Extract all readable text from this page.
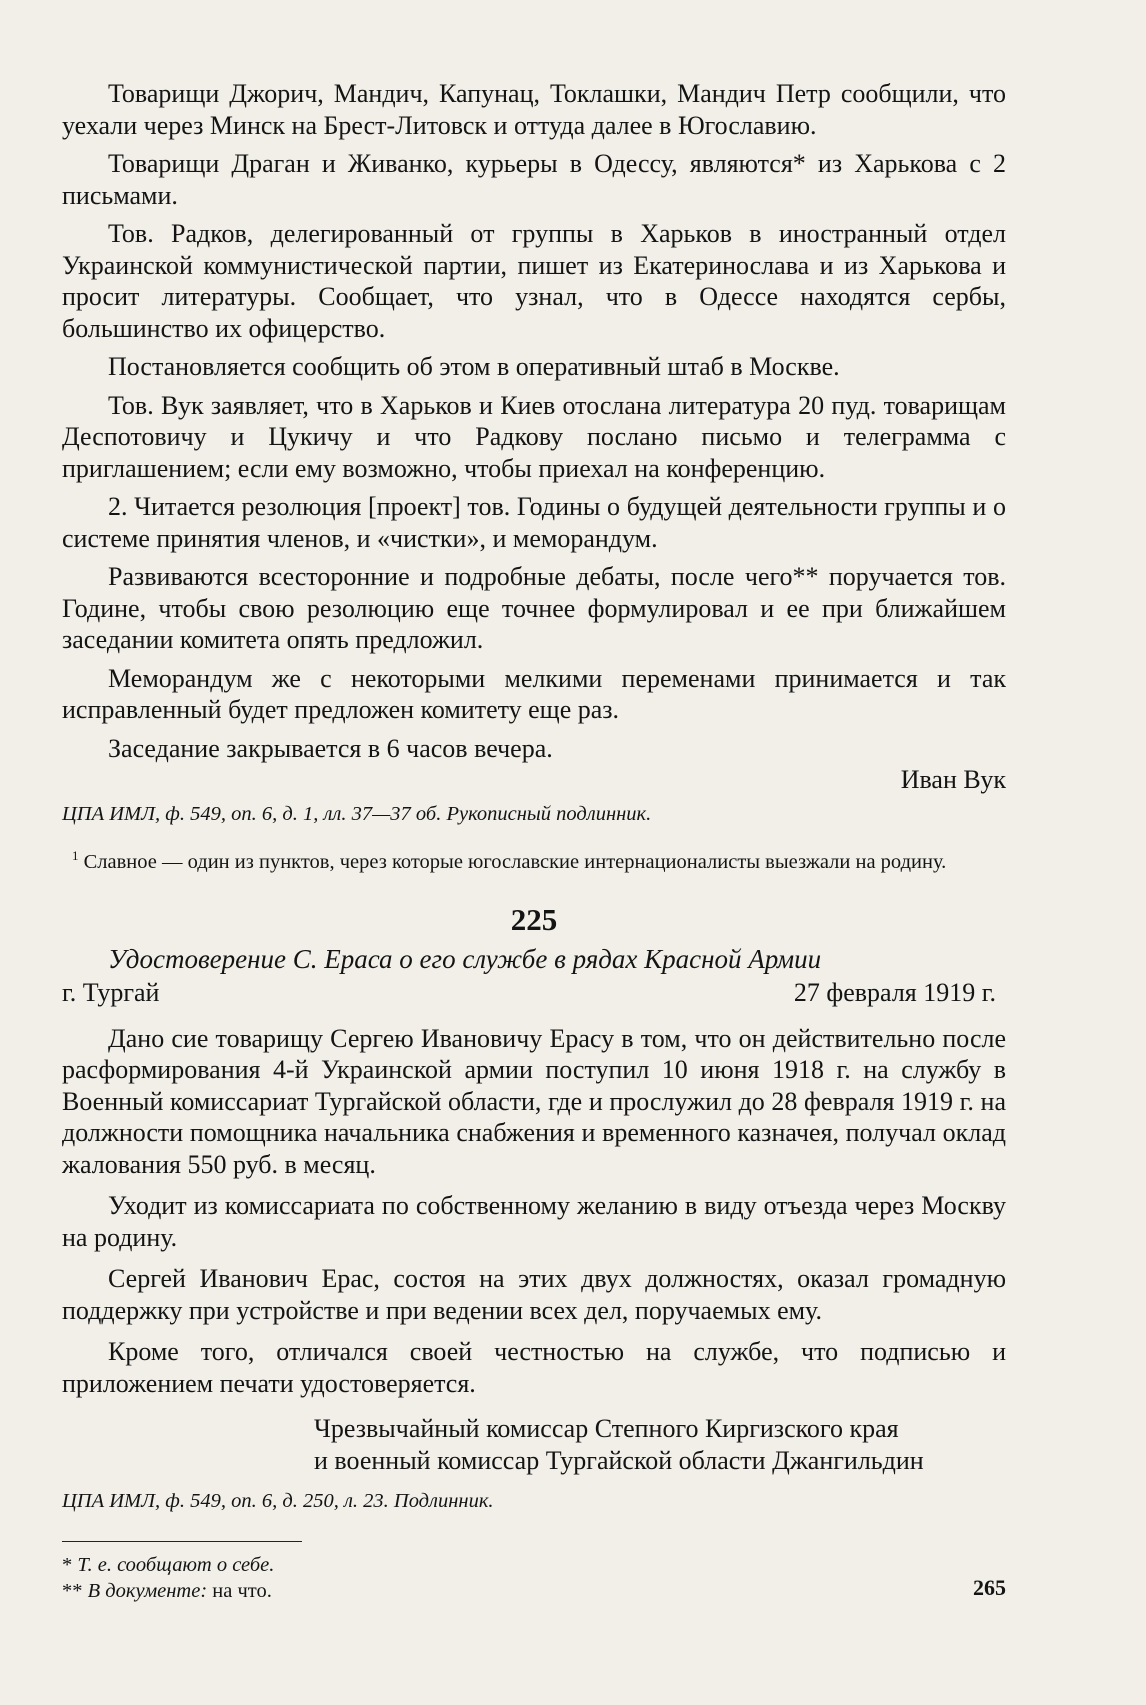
Товарищи Джорич, Мандич, Капунац, Токлашки, Мандич Петр сообщили, что уехали через Минск на Брест-Литовск и оттуда далее в Югославию.

Товарищи Драган и Живанко, курьеры в Одессу, являются* из Харькова с 2 письмами.

Тов. Радков, делегированный от группы в Харьков в иностранный отдел Украинской коммунистической партии, пишет из Екатеринослава и из Харькова и просит литературы. Сообщает, что узнал, что в Одессе находятся сербы, большинство их офицерство.

Постановляется сообщить об этом в оперативный штаб в Москве.

Тов. Вук заявляет, что в Харьков и Киев отослана литература 20 пуд. товарищам Деспотовичу и Цукичу и что Радкову послано письмо и телеграмма с приглашением; если ему возможно, чтобы приехал на конференцию.

2. Читается резолюция [проект] тов. Годины о будущей деятельности группы и о системе принятия членов, и «чистки», и меморандум.

Развиваются всесторонние и подробные дебаты, после чего** поручается тов. Године, чтобы свою резолюцию еще точнее формулировал и ее при ближайшем заседании комитета опять предложил.

Меморандум же с некоторыми мелкими переменами принимается и так исправленный будет предложен комитету еще раз.

Заседание закрывается в 6 часов вечера.

Иван Вук

ЦПА ИМЛ, ф. 549, оп. 6, д. 1, лл. 37—37 об. Рукописный подлинник.

$^1$ Славное — один из пунктов, через которые югославские интернационалисты выезжали на родину.

225

Удостоверение С. Ераса о его службе в рядах Красной Армии

г. Тургай	27 февраля 1919 г.

Дано сие товарищу Сергею Ивановичу Ерасу в том, что он действительно после расформирования 4-й Украинской армии поступил 10 июня 1918 г. на службу в Военный комиссариат Тургайской области, где и прослужил до 28 февраля 1919 г. на должности помощника начальника снабжения и временного казначея, получал оклад жалования 550 руб. в месяц.

Уходит из комиссариата по собственному желанию в виду отъезда через Москву на родину.

Сергей Иванович Ерас, состоя на этих двух должностях, оказал громадную поддержку при устройстве и при ведении всех дел, поручаемых ему.

Кроме того, отличался своей честностью на службе, что подписью и приложением печати удостоверяется.

Чрезвычайный комиссар Степного Киргизского края

и военный комиссар Тургайской области Джангильдин

ЦПА ИМЛ, ф. 549, оп. 6, д. 250, л. 23. Подлинник.

* Т. е. сообщают о себе.

** В документе: на что.	265
